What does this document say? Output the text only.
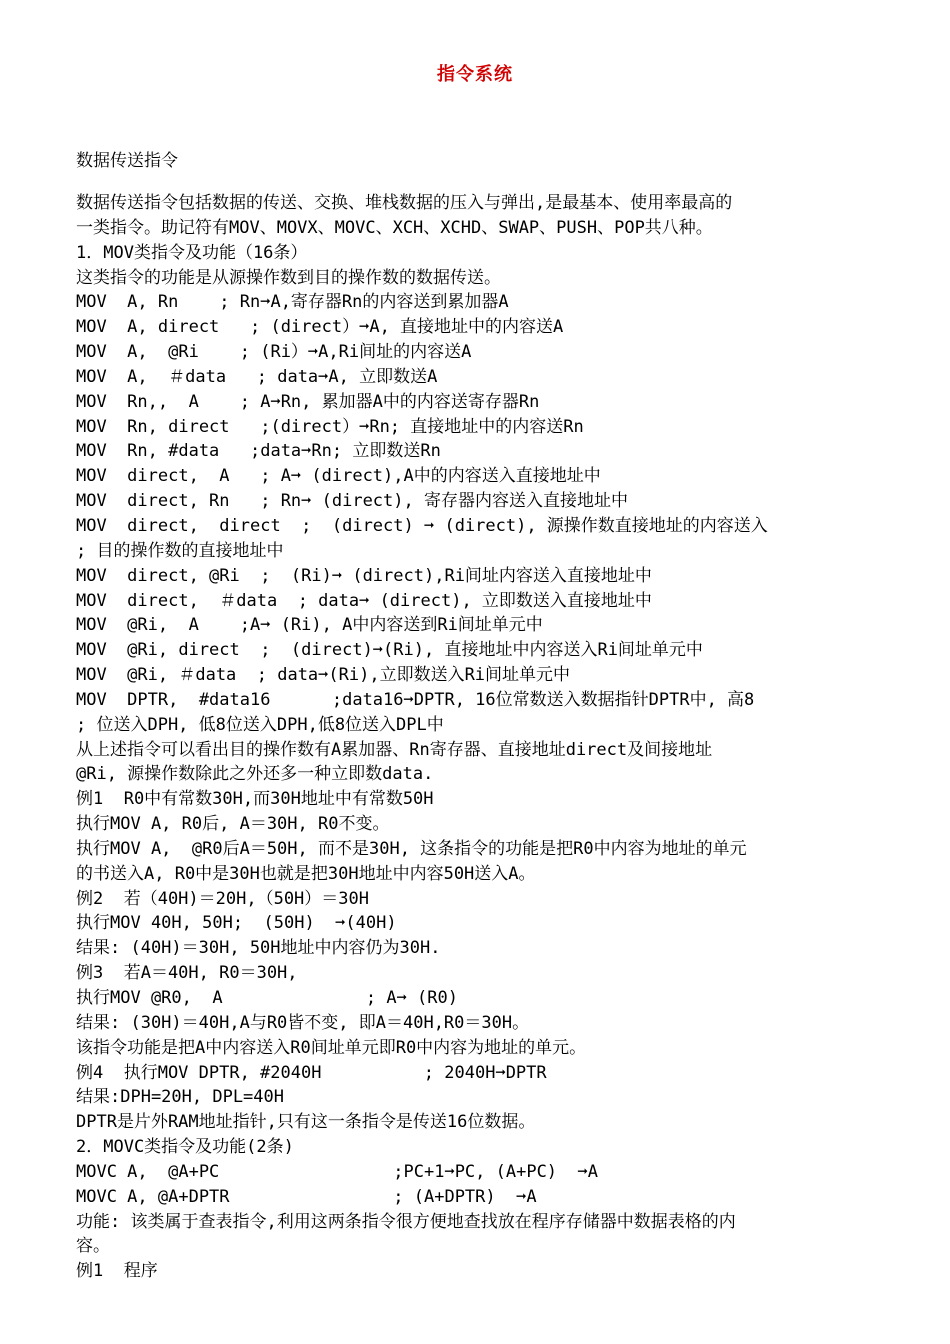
指令系统
数据传送指令
数据传送指令包括数据的传送、交换、堆栈数据的压入与弹出,是最基本、使用率最高的
一类指令。助记符有MOV、MOVX、MOVC、XCH、XCHD、SWAP、PUSH、POP共八种。
1．MOV类指令及功能（16条）
这类指令的功能是从源操作数到目的操作数的数据传送。
MOV  A, Rn    ; Rn➞A,寄存器Rn的内容送到累加器A
MOV  A, direct   ; (direct）➞A, 直接地址中的内容送A
MOV  A,  @Ri    ; (Ri）➞A,Ri间址的内容送A
MOV  A,  ＃data   ; data➞A, 立即数送A
MOV  Rn,,  A    ; A➞Rn, 累加器A中的内容送寄存器Rn
MOV  Rn, direct   ;(direct）➞Rn; 直接地址中的内容送Rn
MOV  Rn, #data   ;data➞Rn; 立即数送Rn
MOV  direct,  A   ; A➞ (direct),A中的内容送入直接地址中
MOV  direct, Rn   ; Rn➞ (direct), 寄存器内容送入直接地址中
MOV  direct,  direct  ;  (direct) ➞ (direct), 源操作数直接地址的内容送入
; 目的操作数的直接地址中
MOV  direct, @Ri  ;  (Ri)➞ (direct),Ri间址内容送入直接地址中
MOV  direct,  ＃data  ; data➞ (direct), 立即数送入直接地址中
MOV  @Ri,  A    ;A➞ (Ri), A中内容送到Ri间址单元中
MOV  @Ri, direct  ;  (direct)➞(Ri), 直接地址中内容送入Ri间址单元中
MOV  @Ri, ＃data  ; data➞(Ri),立即数送入Ri间址单元中
MOV  DPTR,  #data16      ;data16➞DPTR, 16位常数送入数据指针DPTR中, 高8
; 位送入DPH, 低8位送入DPH,低8位送入DPL中
从上述指令可以看出目的操作数有A累加器、Rn寄存器、直接地址direct及间接地址
@Ri, 源操作数除此之外还多一种立即数data.
例1  R0中有常数30H,而30H地址中有常数50H
执行MOV A, R0后, A＝30H, R0不变。
执行MOV A,  @R0后A＝50H, 而不是30H, 这条指令的功能是把R0中内容为地址的单元
的书送入A, R0中是30H也就是把30H地址中内容50H送入A。
例2  若（40H)＝20H,（50H）＝30H
执行MOV 40H, 50H;  (50H)  ➞(40H)
结果: (40H)＝30H, 50H地址中内容仍为30H.
例3  若A＝40H, R0＝30H,
执行MOV @R0,  A              ; A➞ (R0)
结果: (30H)＝40H,A与R0皆不变, 即A＝40H,R0＝30H。
该指令功能是把A中内容送入R0间址单元即R0中内容为地址的单元。
例4  执行MOV DPTR, #2040H          ; 2040H➞DPTR
结果:DPH=20H, DPL=40H
DPTR是片外RAM地址指针,只有这一条指令是传送16位数据。
2．MOVC类指令及功能(2条)
MOVC A,  @A+PC                 ;PC+1➞PC, (A+PC)  ➞A
MOVC A, @A+DPTR                ; (A+DPTR)  ➞A
功能: 该类属于查表指令,利用这两条指令很方便地查找放在程序存储器中数据表格的内
容。
例1  程序
